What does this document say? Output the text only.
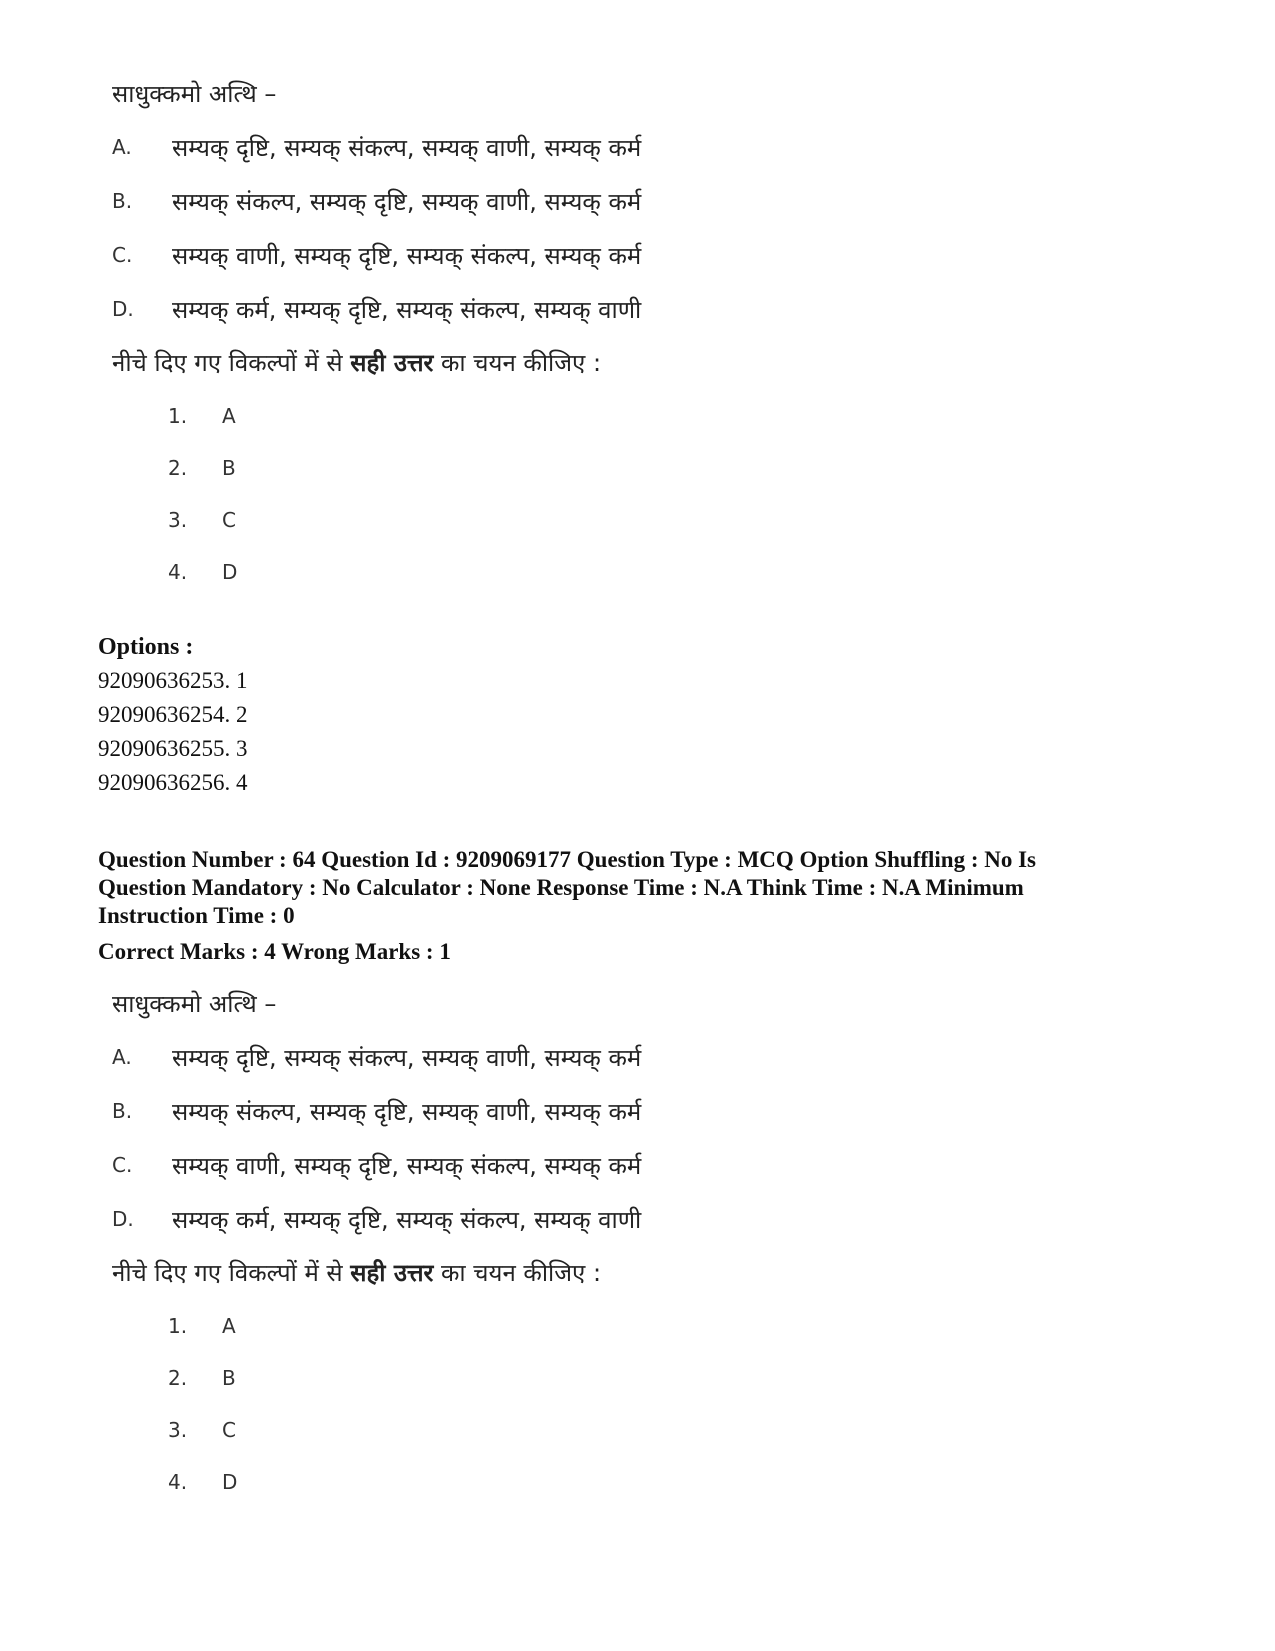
साधुक्कमो अत्थि –
A.	सम्यक् दृष्टि, सम्यक् संकल्प, सम्यक् वाणी, सम्यक् कर्म
B.	सम्यक् संकल्प, सम्यक् दृष्टि, सम्यक् वाणी, सम्यक् कर्म
C.	सम्यक् वाणी, सम्यक् दृष्टि, सम्यक् संकल्प, सम्यक् कर्म
D.	सम्यक् कर्म, सम्यक् दृष्टि, सम्यक् संकल्प, सम्यक् वाणी
नीचे दिए गए विकल्पों में से सही उत्तर का चयन कीजिए :
1.	A
2.	B
3.	C
4.	D
Options :
92090636253. 1
92090636254. 2
92090636255. 3
92090636256. 4
Question Number : 64 Question Id : 9209069177 Question Type : MCQ Option Shuffling : No Is
Question Mandatory : No Calculator : None Response Time : N.A Think Time : N.A Minimum
Instruction Time : 0
Correct Marks : 4 Wrong Marks : 1
साधुक्कमो अत्थि –
A.	सम्यक् दृष्टि, सम्यक् संकल्प, सम्यक् वाणी, सम्यक् कर्म
B.	सम्यक् संकल्प, सम्यक् दृष्टि, सम्यक् वाणी, सम्यक् कर्म
C.	सम्यक् वाणी, सम्यक् दृष्टि, सम्यक् संकल्प, सम्यक् कर्म
D.	सम्यक् कर्म, सम्यक् दृष्टि, सम्यक् संकल्प, सम्यक् वाणी
नीचे दिए गए विकल्पों में से सही उत्तर का चयन कीजिए :
1.	A
2.	B
3.	C
4.	D
